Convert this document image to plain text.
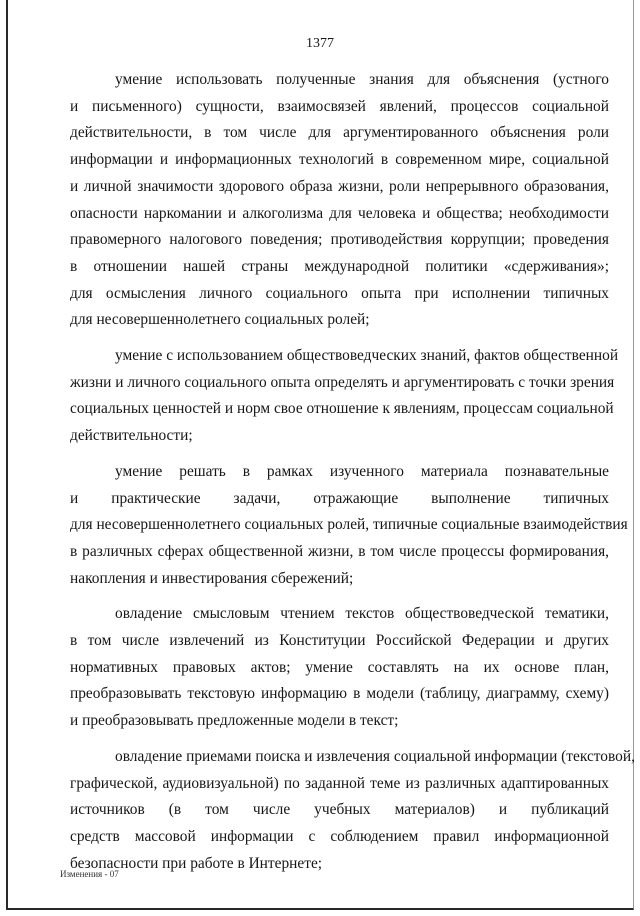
1377

умение использовать полученные знания для объяснения (устного
и письменного) сущности, взаимосвязей явлений, процессов социальной
действительности, в том числе для аргументированного объяснения роли
информации и информационных технологий в современном мире, социальной
и личной значимости здорового образа жизни, роли непрерывного образования,
опасности наркомании и алкоголизма для человека и общества; необходимости
правомерного налогового поведения; противодействия коррупции; проведения
в отношении нашей страны международной политики «сдерживания»;
для осмысления личного социального опыта при исполнении типичных
для несовершеннолетнего социальных ролей;

умение с использованием обществоведческих знаний, фактов общественной
жизни и личного социального опыта определять и аргументировать с точки зрения
социальных ценностей и норм свое отношение к явлениям, процессам социальной
действительности;

умение решать в рамках изученного материала познавательные
и практические задачи, отражающие выполнение типичных
для несовершеннолетнего социальных ролей, типичные социальные взаимодействия
в различных сферах общественной жизни, в том числе процессы формирования,
накопления и инвестирования сбережений;

овладение смысловым чтением текстов обществоведческой тематики,
в том числе извлечений из Конституции Российской Федерации и других
нормативных правовых актов; умение составлять на их основе план,
преобразовывать текстовую информацию в модели (таблицу, диаграмму, схему)
и преобразовывать предложенные модели в текст;

овладение приемами поиска и извлечения социальной информации (текстовой,
графической, аудиовизуальной) по заданной теме из различных адаптированных
источников (в том числе учебных материалов) и публикаций
средств массовой информации с соблюдением правил информационной
безопасности при работе в Интернете;

Изменения - 07
